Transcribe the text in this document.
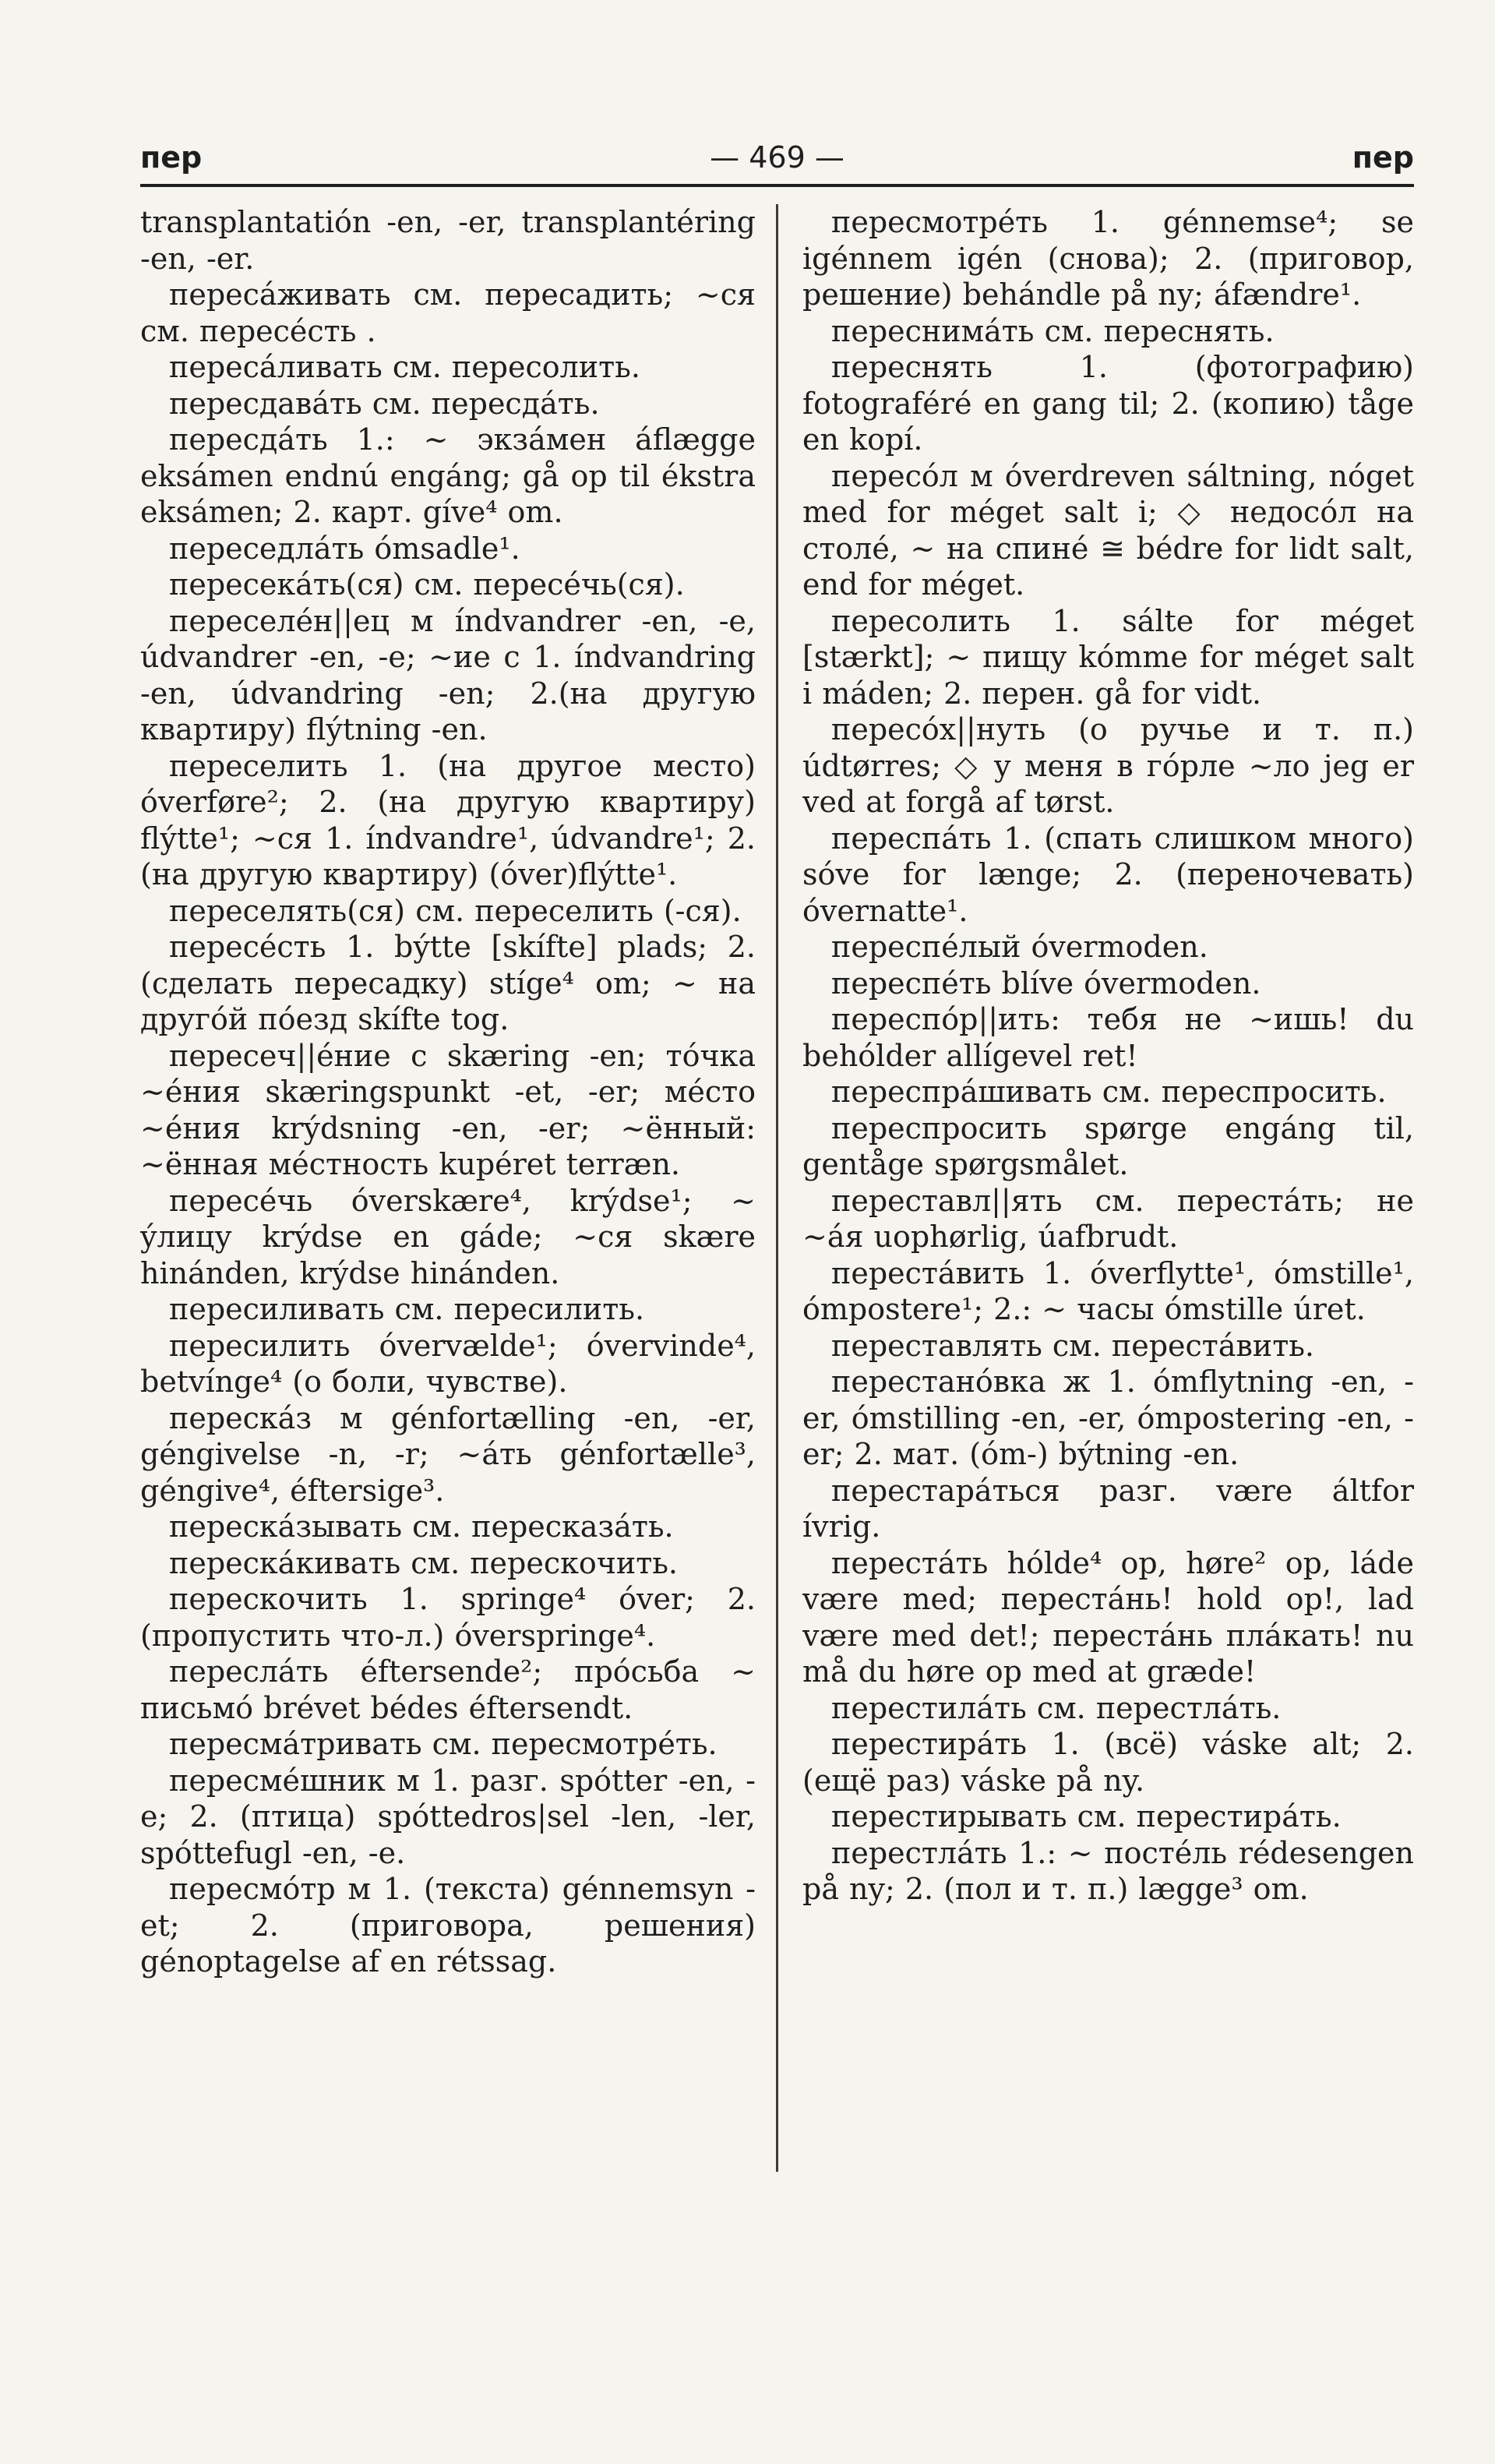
пер	— 469 —	пер

transplantatión -en, -er, transplantéring -en, -er.

пересáживать см. пересадить; ~ся см. пересéсть .

пересáливать см. пересолить.

пересдавáть см. пересдáть.

пересдáть 1.: ~ экзáмен áflægge eksámen endnú engáng; gå op til ékstra eksámen; 2. карт. gíve⁴ om.

переседлáть ómsadle¹.

пересекáть(ся) см. пересéчь(ся).

переселéн||ец м índvandrer -en, -e, údvandrer -en, -e; ~ие с 1. índvandring -en, údvandring -en; 2.(на другую квартиру) flýtning -en.

переселить 1. (на другое место) óverføre²; 2. (на другую квартиру) flýtte¹; ~ся 1. índvandre¹, údvandre¹; 2. (на другую квартиру) (óver)flýtte¹.

переселять(ся) см. переселить (-ся).

пересéсть 1. býtte [skífte] plads; 2. (сделать пересадку) stíge⁴ om; ~ на другóй пóезд skífte tog.

пересеч||éние с skæring -en; тóчка ~éния skæringspunkt -et, -er; мéсто ~éния krýdsning -en, -er; ~ённый: ~ённая мéстность kupéret terræn.

пересéчь óverskære⁴, krýdse¹; ~ ýлицу krýdse en gáde; ~ся skære hinánden, krýdse hinánden.

пересиливать см. пересилить.

пересилить óvervælde¹; óvervinde⁴, betvínge⁴ (о боли, чувстве).

перескáз м génfortælling -en, -er, géngivelse -n, -r; ~áть génfortælle³, géngive⁴, éftersige³.

перескáзывать см. пересказáть.

перескáкивать см. перескочить.

перескочить 1. springe⁴ óver; 2. (пропустить что-л.) óverspringe⁴.

переслáть éftersende²; прóсьба ~ письмó brévet bédes éftersendt.

пересмáтривать см. пересмотрéть.

пересмéшник м 1. разг. spótter -en, -e; 2. (птица) spóttedros|sel -len, -ler, spóttefugl -en, -e.

пересмóтр м 1. (текста) génnemsyn -et; 2. (приговора, решения) génoptagelse af en rétssag.

пересмотрéть 1. génnemse⁴; se igénnem igén (снова); 2. (приговор, решение) behándle på ny; áfændre¹.

переснимáть см. переснять.

переснять 1. (фотографию) fotograféré en gang til; 2. (копию) tåge en kopí.

пересóл м óverdreven sáltning, nóget med for méget salt i; ◇ недосóл на столé, ~ на спинé ≅ bédre for lidt salt, end for méget.

пересолить 1. sálte for méget [stærkt]; ~ пищу kómme for méget salt i máden; 2. перен. gå for vidt.

пересóх||нуть (о ручье и т. п.) údtørres; ◇ у меня в гóрле ~ло jeg er ved at forgå af tørst.

переспáть 1. (спать слишком много) sóve for længe; 2. (переночевать) óvernatte¹.

переспéлый óvermoden.

переспéть blíve óvermoden.

переспóр||ить: тебя не ~ишь! du behólder allígevel ret!

переспрáшивать см. переспросить.

переспросить spørge engáng til, gentåge spørgsmålet.

переставл||ять см. перестáть; не ~áя uophørlig, úafbrudt.

перестáвить 1. óverflytte¹, ómstille¹, ómpostere¹; 2.: ~ часы ómstille úret.

переставлять см. перестáвить.

перестанóвка ж 1. ómflytning -en, -er, ómstilling -en, -er, ómpostering -en, -er; 2. мат. (óm-) býtning -en.

перестарáться разг. være áltfor ívrig.

перестáть hólde⁴ op, høre² op, láde være med; перестáнь! hold op!, lad være med det!; перестáнь плáкать! nu må du høre op med at græde!

перестилáть см. перестлáть.

перестирáть 1. (всё) váske alt; 2. (ещё раз) váske på ny.

перестирывать см. перестирáть.

перестлáть 1.: ~ постéль rédesengen på ny; 2. (пол и т. п.) lægge³ om.
